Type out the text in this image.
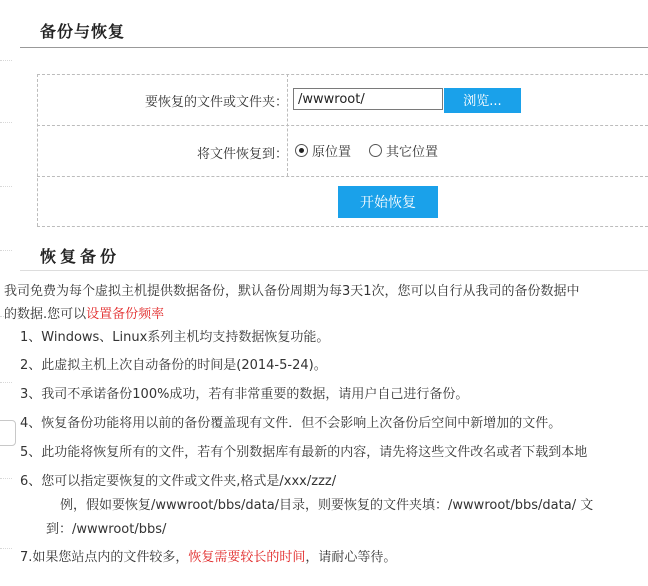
备份与恢复
要恢复的文件或文件夹：
/wwwroot/	浏览...
将文件恢复到： 原位置	其它位置
开始恢复
恢复备份
我司免费为每个虚拟主机提供数据备份，默认备份周期为每3天1次，您可以自行从我司的备份数据中
的数据.您可以设置备份频率
1、Windows、Linux系列主机均支持数据恢复功能。
2、此虚拟主机上次自动备份的时间是(2014-5-24)。
3、我司不承诺备份100%成功，若有非常重要的数据，请用户自己进行备份。
4、恢复备份功能将用以前的备份覆盖现有文件．但不会影响上次备份后空间中新增加的文件。
5、此功能将恢复所有的文件，若有个别数据库有最新的内容，请先将这些文件改名或者下载到本地
6、您可以指定要恢复的文件或文件夹,格式是/xxx/zzz/
例，假如要恢复/wwwroot/bbs/data/目录，则要恢复的文件夹填：/wwwroot/bbs/data/ 文
到：/wwwroot/bbs/
7.如果您站点内的文件较多，恢复需要较长的时间，请耐心等待。
